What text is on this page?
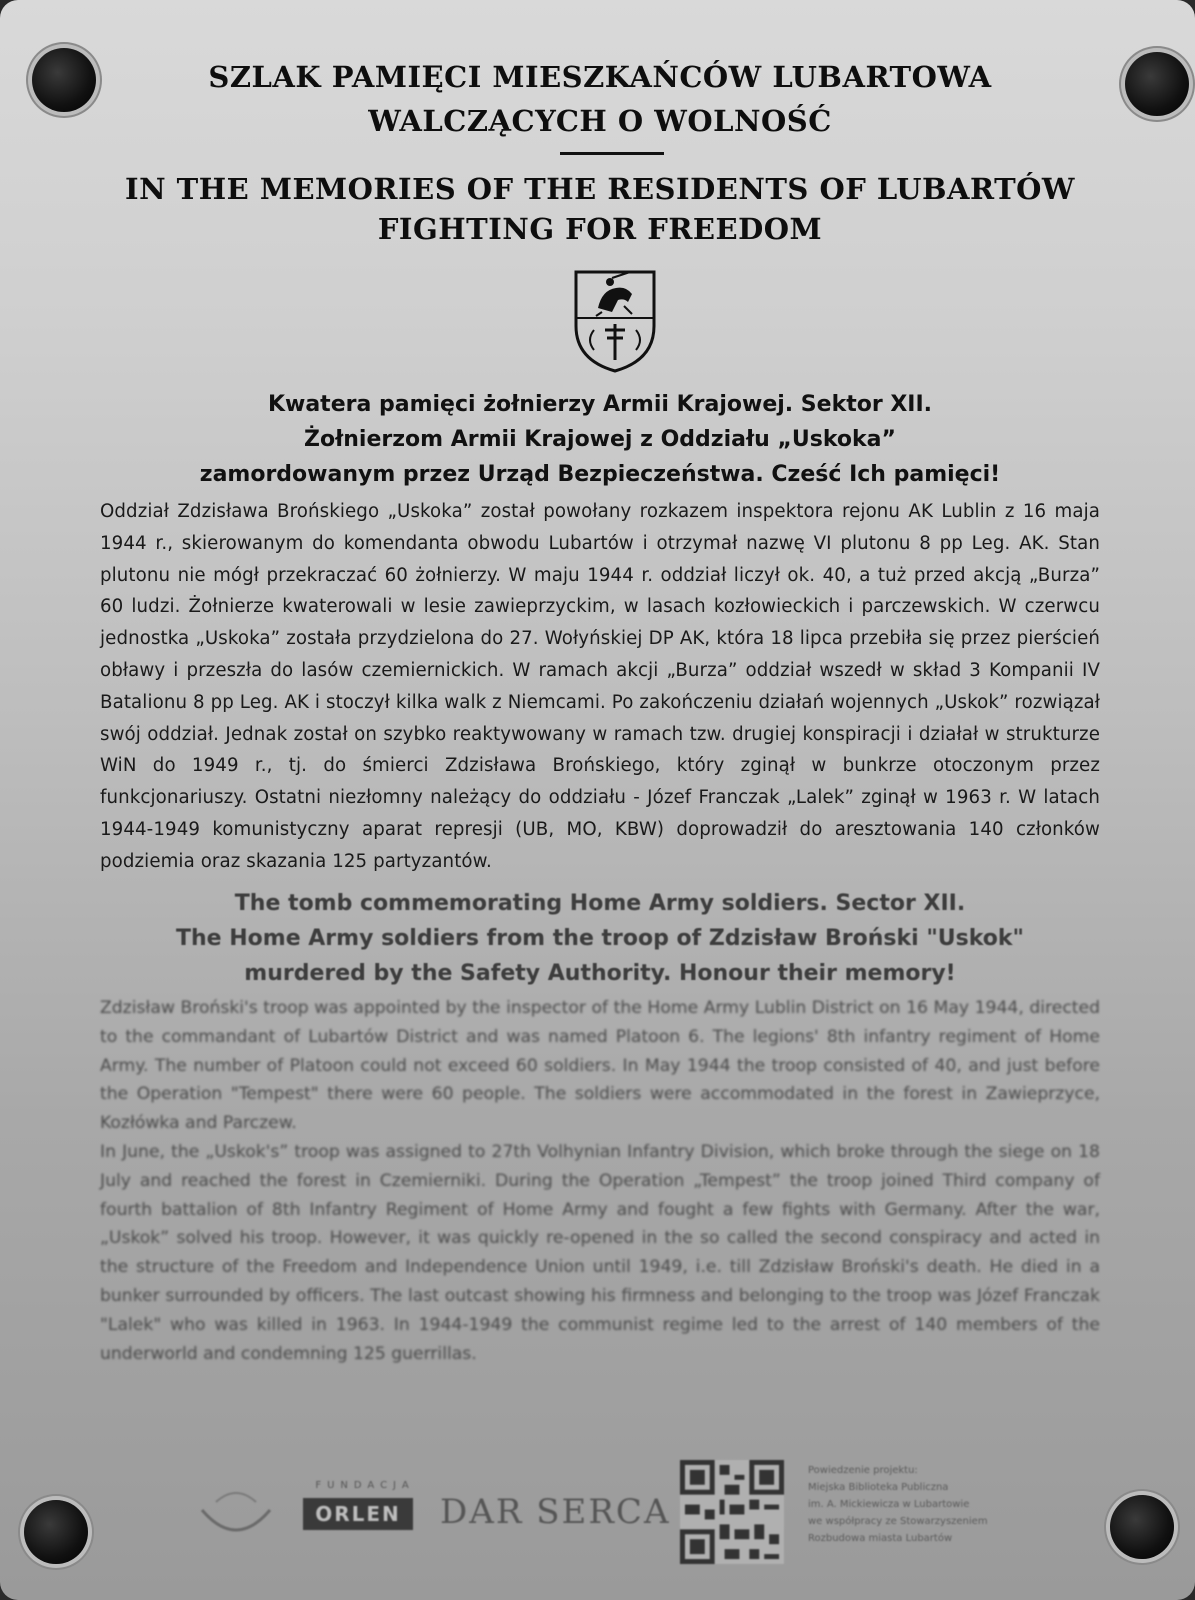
SZLAK PAMIĘCI MIESZKAŃCÓW LUBARTOWA
WALCZĄCYCH O WOLNOŚĆ
IN THE MEMORIES OF THE RESIDENTS OF LUBARTÓW
FIGHTING FOR FREEDOM
Kwatera pamięci żołnierzy Armii Krajowej. Sektor XII.
Żołnierzom Armii Krajowej z Oddziału „Uskoka”
zamordowanym przez Urząd Bezpieczeństwa. Cześć Ich pamięci!
Oddział Zdzisława Brońskiego „Uskoka” został powołany rozkazem inspektora rejonu AK Lublin z 16 maja 1944 r., skierowanym do komendanta obwodu Lubartów i otrzymał nazwę VI plutonu 8 pp Leg. AK. Stan plutonu nie mógł przekraczać 60 żołnierzy. W maju 1944 r. oddział liczył ok. 40, a tuż przed akcją „Burza” 60 ludzi. Żołnierze kwaterowali w lesie zawieprzyckim, w lasach kozłowieckich i parczewskich. W czerwcu jednostka „Uskoka” została przydzielona do 27. Wołyńskiej DP AK, która 18 lipca przebiła się przez pierścień obławy i przeszła do lasów czemiernickich. W ramach akcji „Burza” oddział wszedł w skład 3 Kompanii IV Batalionu 8 pp Leg. AK i stoczył kilka walk z Niemcami. Po zakończeniu działań wojennych „Uskok” rozwiązał swój oddział. Jednak został on szybko reaktywowany w ramach tzw. drugiej konspiracji i działał w strukturze WiN do 1949 r., tj. do śmierci Zdzisława Brońskiego, który zginął w bunkrze otoczonym przez funkcjonariuszy. Ostatni niezłomny należący do oddziału - Józef Franczak „Lalek” zginął w 1963 r. W latach 1944-1949 komunistyczny aparat represji (UB, MO, KBW) doprowadził do aresztowania 140 członków podziemia oraz skazania 125 partyzantów.
The tomb commemorating Home Army soldiers. Sector XII.
The Home Army soldiers from the troop of Zdzisław Broński "Uskok"
murdered by the Safety Authority. Honour their memory!

Zdzisław Broński's troop was appointed by the inspector of the Home Army Lublin District on 16 May 1944, directed to the commandant of Lubartów District and was named Platoon 6. The legions' 8th infantry regiment of Home Army. The number of Platoon could not exceed 60 soldiers. In May 1944 the troop consisted of 40, and just before the Operation "Tempest" there were 60 people. The soldiers were accommodated in the forest in Zawieprzyce, Kozłówka and Parczew.

In June, the „Uskok's” troop was assigned to 27th Volhynian Infantry Division, which broke through the siege on 18 July and reached the forest in Czemierniki. During the Operation „Tempest” the troop joined Third company of fourth battalion of 8th Infantry Regiment of Home Army and fought a few fights with Germany. After the war, „Uskok” solved his troop. However, it was quickly re-opened in the so called the second conspiracy and acted in the structure of the Freedom and Independence Union until 1949, i.e. till Zdzisław Broński's death. He died in a bunker surrounded by officers. The last outcast showing his firmness and belonging to the troop was Józef Franczak "Lalek" who was killed in 1963. In 1944-1949 the communist regime led to the arrest of 140 members of the underworld and condemning 125 guerrillas.

FUNDACJA
ORLEN	DAR SERCA
Powiedzenie projektu:
Miejska Biblioteka Publiczna
im. A. Mickiewicza w Lubartowie
we współpracy ze Stowarzyszeniem
Rozbudowa miasta Lubartów
